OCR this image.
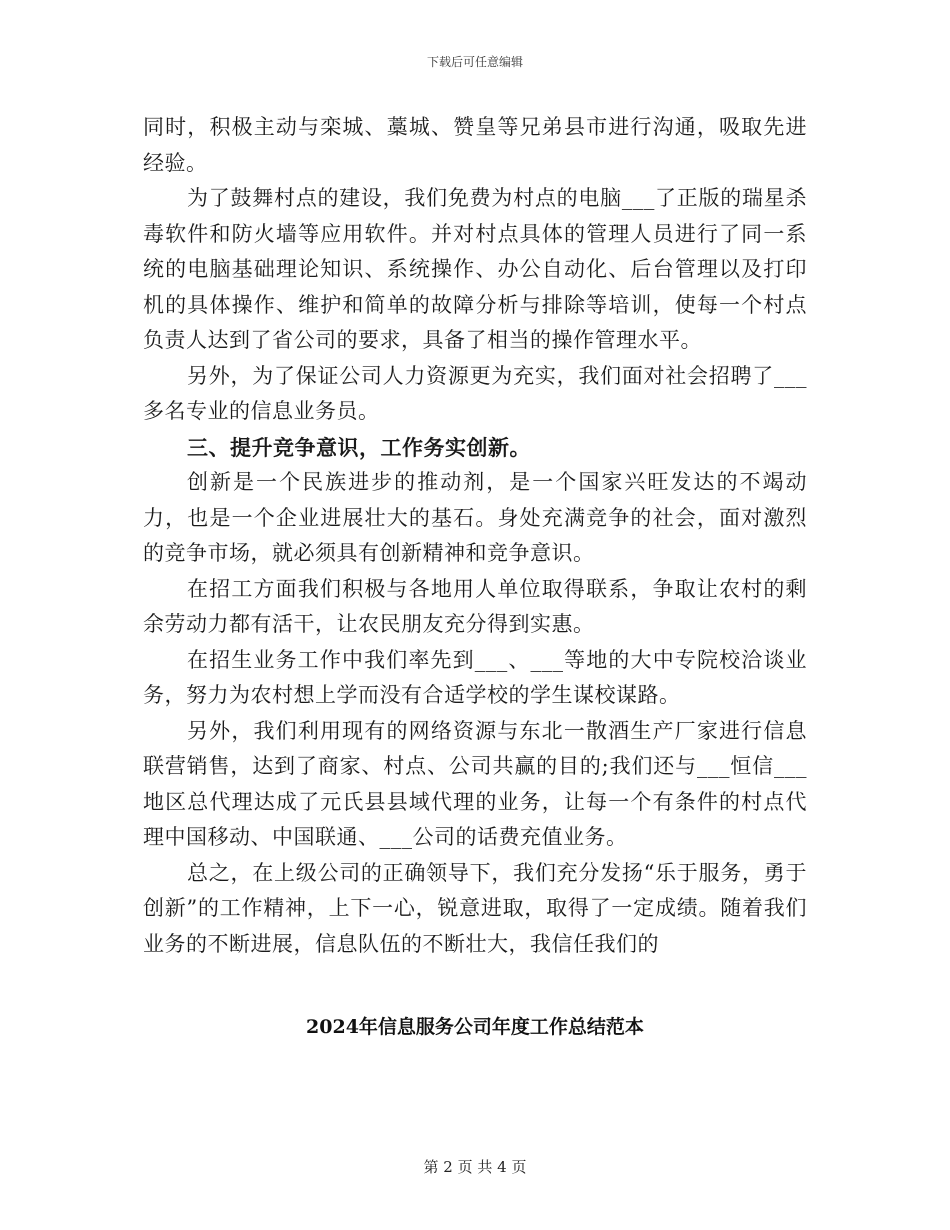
下载后可任意编辑

同时，积极主动与栾城、藁城、赞皇等兄弟县市进行沟通，吸取先进经验。

为了鼓舞村点的建设，我们免费为村点的电脑___了正版的瑞星杀毒软件和防火墙等应用软件。并对村点具体的管理人员进行了同一系统的电脑基础理论知识、系统操作、办公自动化、后台管理以及打印机的具体操作、维护和简单的故障分析与排除等培训，使每一个村点负责人达到了省公司的要求，具备了相当的操作管理水平。

另外，为了保证公司人力资源更为充实，我们面对社会招聘了___多名专业的信息业务员。

三、提升竞争意识，工作务实创新。

创新是一个民族进步的推动剂，是一个国家兴旺发达的不竭动力，也是一个企业进展壮大的基石。身处充满竞争的社会，面对激烈的竞争市场，就必须具有创新精神和竞争意识。

在招工方面我们积极与各地用人单位取得联系，争取让农村的剩余劳动力都有活干，让农民朋友充分得到实惠。

在招生业务工作中我们率先到___、___等地的大中专院校洽谈业务，努力为农村想上学而没有合适学校的学生谋校谋路。

另外，我们利用现有的网络资源与东北一散酒生产厂家进行信息联营销售，达到了商家、村点、公司共赢的目的;我们还与___恒信___地区总代理达成了元氏县县域代理的业务，让每一个有条件的村点代理中国移动、中国联通、___公司的话费充值业务。

总之，在上级公司的正确领导下，我们充分发扬“乐于服务，勇于创新”的工作精神，上下一心，锐意进取，取得了一定成绩。随着我们业务的不断进展，信息队伍的不断壮大，我信任我们的

2024年信息服务公司年度工作总结范本
第 2 页 共 4 页
